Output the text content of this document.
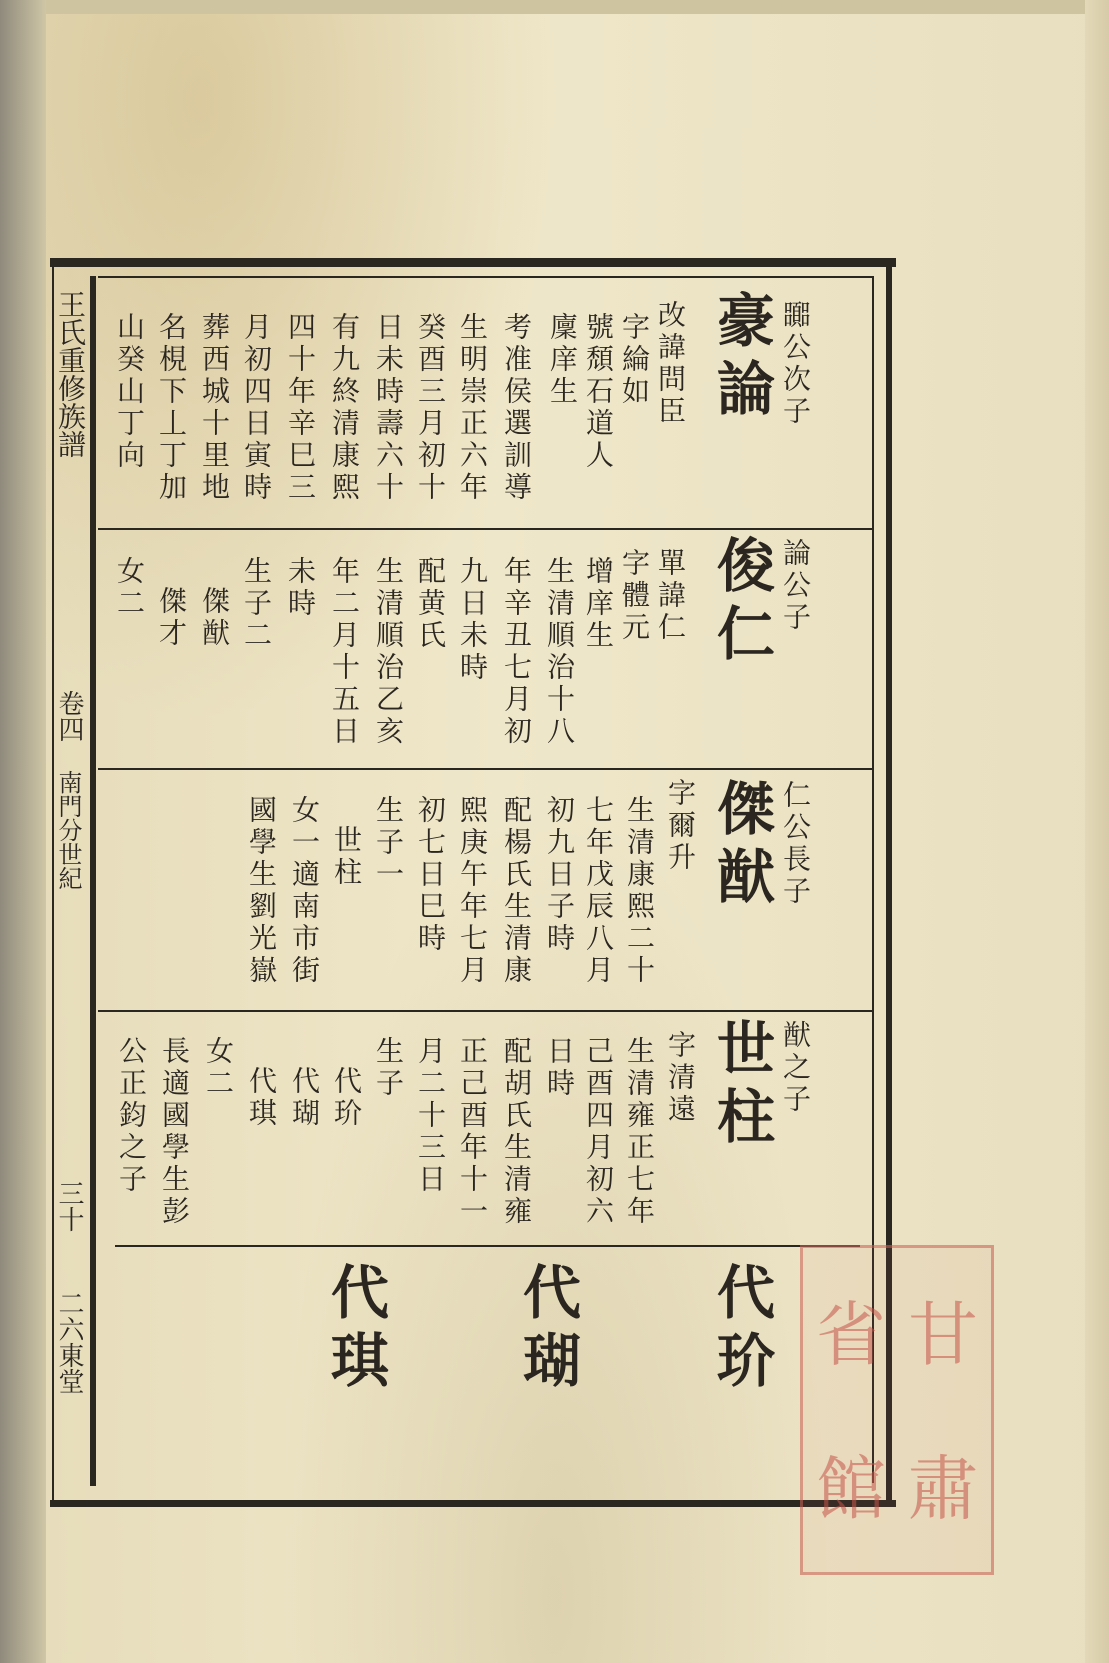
王氏重修族譜
卷四
南門分世紀
三十
二六東堂
嚻公次子
豪論
改諱問臣
字綸如
號頹石道人
廩庠生
考准侯選訓導
生明崇正六年
癸酉三月初十
日未時壽六十
有九終清康熙
四十年辛巳三
月初四日寅時
葬西城十里地
名梘下丄丁加
山癸山丁向
論公子
俊仁
單諱仁
字體元
增庠生
生清順治十八
年辛丑七月初
九日未時
配黄氏
生清順治乙亥
年二月十五日
未時
生子二
傑猷
傑才
女二
仁公長子
傑猷
字爾升
生清康熙二十
七年戊辰八月
初九日子時
配楊氏生清康
熙庚午年七月
初七日巳時
生子一
世柱
女一適南市街
國學生劉光嶽
猷之子
世柱
字清遠
生清雍正七年
己酉四月初六
日時
配胡氏生清雍
正己酉年十一
月二十三日
生子
代玠
代瑚
代琪
女二
長適國學生彭
公正鈞之子
代玠
代瑚
代琪	甘
肅
省
館
